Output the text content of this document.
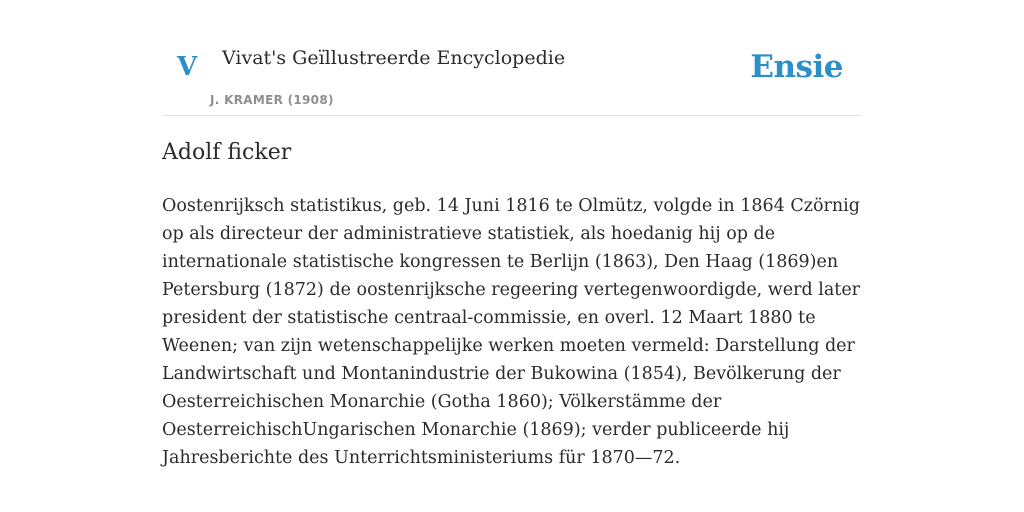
V Vivat's Geïllustreerde Encyclopedie
J. KRAMER (1908)
Ensie
Adolf ficker

Oostenrijksch statistikus, geb. 14 Juni 1816 te Olmütz, volgde in 1864 Czörnig op als directeur der administratieve statistiek, als hoedanig hij op de internationale statistische kongressen te Berlijn (1863), Den Haag (1869)en Petersburg (1872) de oostenrijksche regeering vertegenwoordigde, werd later president der statistische centraal-commissie, en overl. 12 Maart 1880 te Weenen; van zijn wetenschappelijke werken moeten vermeld: Darstellung der Landwirtschaft und Montanindustrie der Bukowina (1854), Bevölkerung der Oesterreichischen Monarchie (Gotha 1860); Völkerstämme der OesterreichischUngarischen Monarchie (1869); verder publiceerde hij Jahresberichte des Unterrichtsministeriums für 1870—72.
